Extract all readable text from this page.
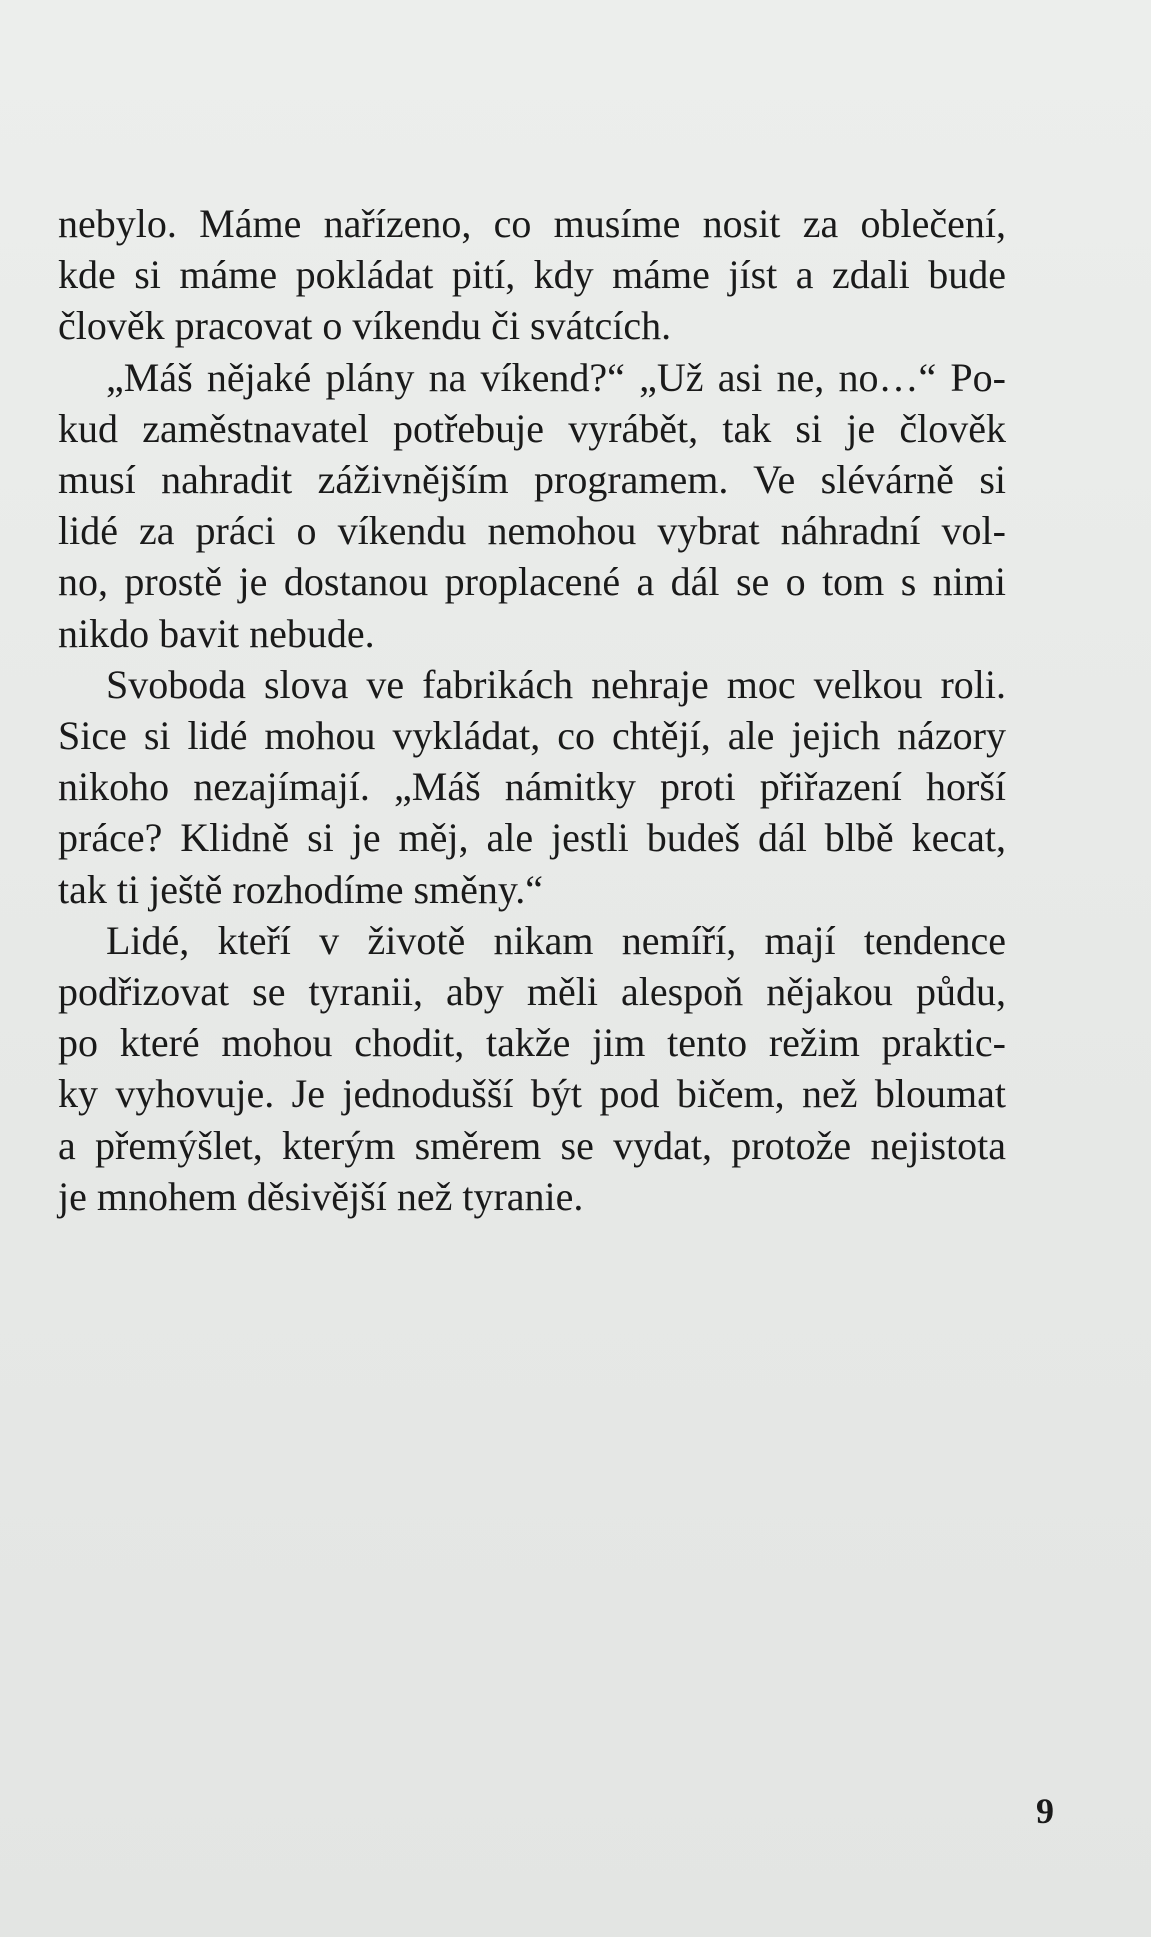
nebylo. Máme nařízeno, co musíme nosit za oblečení,
kde si máme pokládat pití, kdy máme jíst a zdali bude
člověk pracovat o víkendu či svátcích.

„Máš nějaké plány na víkend?“ „Už asi ne, no…“ Po-
kud zaměstnavatel potřebuje vyrábět, tak si je člověk
musí nahradit záživnějším programem. Ve slévárně si
lidé za práci o víkendu nemohou vybrat náhradní vol-
no, prostě je dostanou proplacené a dál se o tom s nimi
nikdo bavit nebude.

Svoboda slova ve fabrikách nehraje moc velkou roli.
Sice si lidé mohou vykládat, co chtějí, ale jejich názory
nikoho nezajímají. „Máš námitky proti přiřazení horší
práce? Klidně si je měj, ale jestli budeš dál blbě kecat,
tak ti ještě rozhodíme směny.“

Lidé, kteří v životě nikam nemíří, mají tendence
podřizovat se tyranii, aby měli alespoň nějakou půdu,
po které mohou chodit, takže jim tento režim praktic-
ky vyhovuje. Je jednodušší být pod bičem, než bloumat
a přemýšlet, kterým směrem se vydat, protože nejistota
je mnohem děsivější než tyranie.

9
